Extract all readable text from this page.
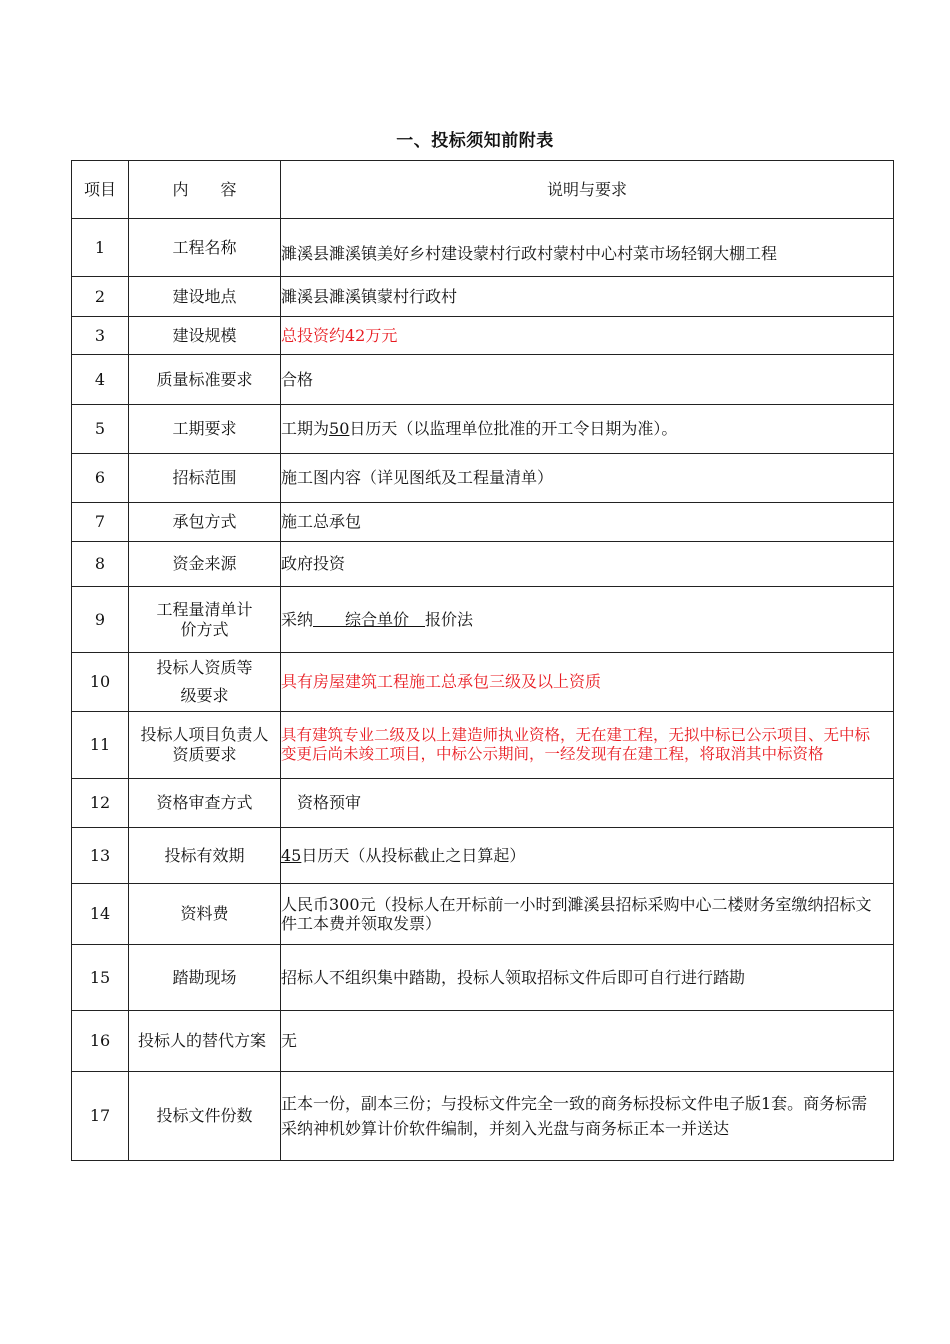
一、投标须知前附表
项目	内　　容	说明与要求
1	工程名称	濉溪县濉溪镇美好乡村建设蒙村行政村蒙村中心村菜市场轻钢大棚工程
2	建设地点	濉溪县濉溪镇蒙村行政村
3	建设规模	总投资约42万元
4	质量标准要求	合格
5	工期要求	工期为50日历天（以监理单位批准的开工令日期为准）。
6	招标范围	施工图内容（详见图纸及工程量清单）
7	承包方式	施工总承包
8	资金来源	政府投资
9	工程量清单计价方式	采纳　　综合单价　报价法
10	投标人资质等级要求	具有房屋建筑工程施工总承包三级及以上资质
11	投标人项目负责人资质要求	具有建筑专业二级及以上建造师执业资格，无在建工程，无拟中标已公示项目、无中标变更后尚未竣工项目，中标公示期间，一经发现有在建工程，将取消其中标资格
12	资格审查方式	资格预审
13	投标有效期	45日历天（从投标截止之日算起）
14	资料费	人民币300元（投标人在开标前一小时到濉溪县招标采购中心二楼财务室缴纳招标文件工本费并领取发票）
15	踏勘现场	招标人不组织集中踏勘，投标人领取招标文件后即可自行进行踏勘
16	投标人的替代方案	无
17	投标文件份数	正本一份，副本三份；与投标文件完全一致的商务标投标文件电子版1套。商务标需采纳神机妙算计价软件编制，并刻入光盘与商务标正本一并送达
